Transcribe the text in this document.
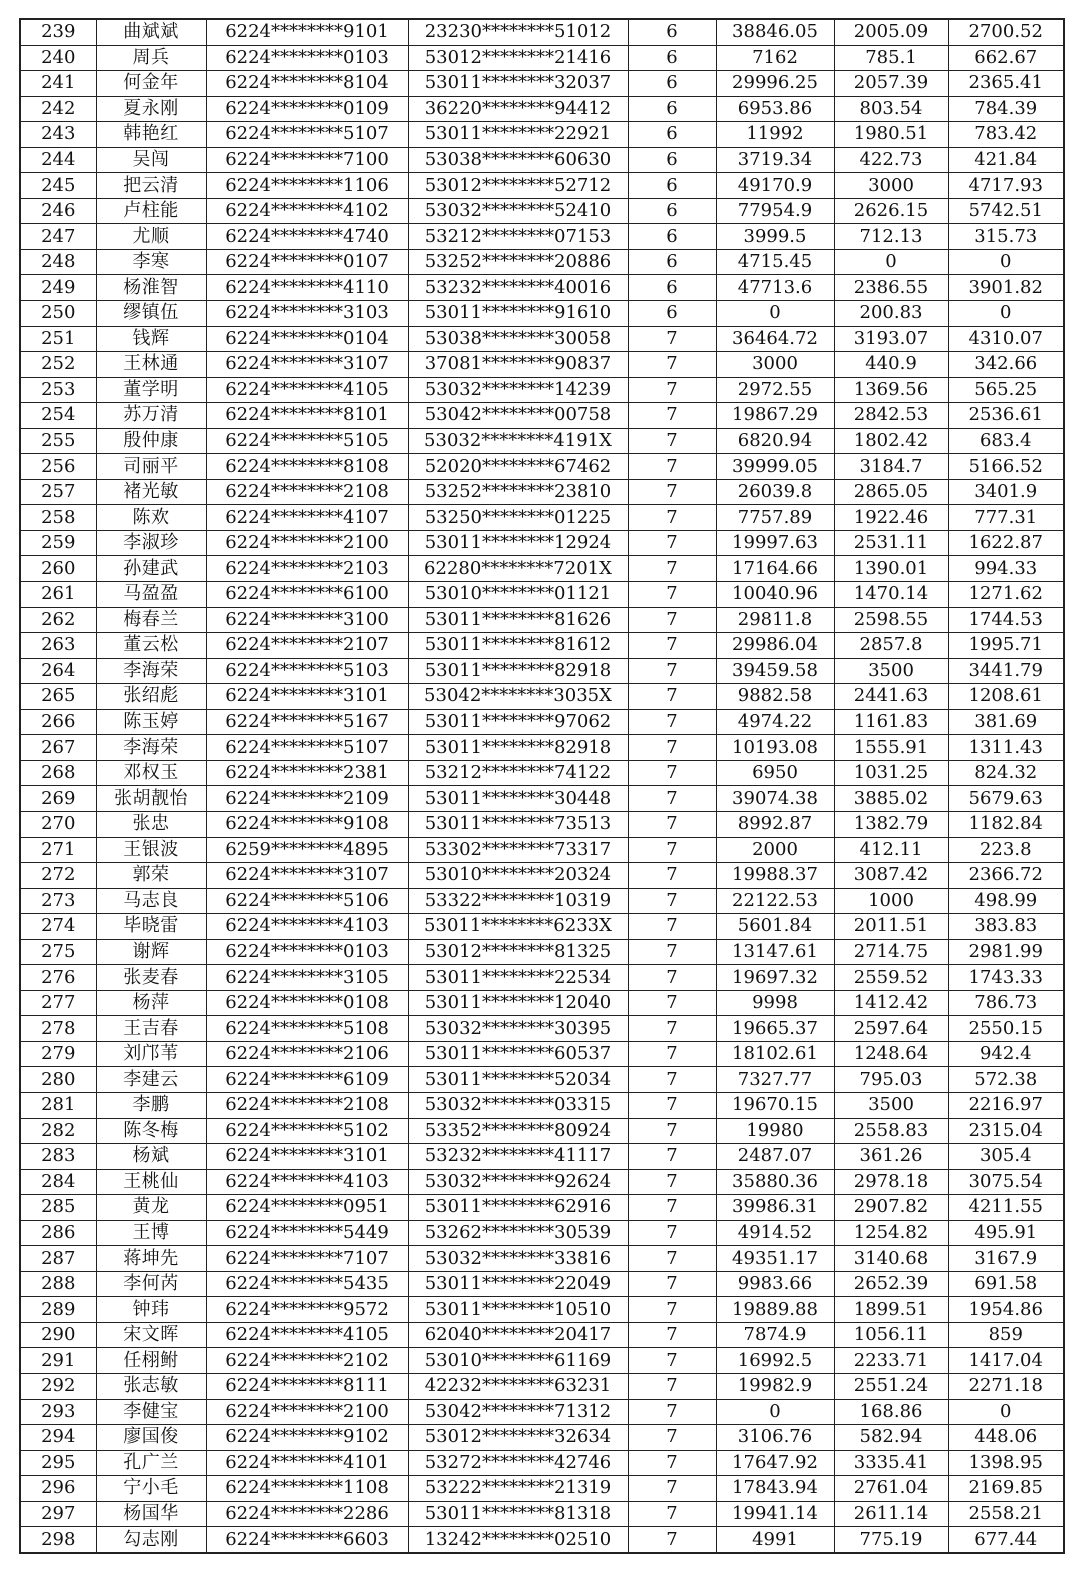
239	曲斌斌	6224********9101	23230********51012	6	38846.05	2005.09	2700.52
240	周兵	6224********0103	53012********21416	6	7162	785.1	662.67
241	何金年	6224********8104	53011********32037	6	29996.25	2057.39	2365.41
242	夏永刚	6224********0109	36220********94412	6	6953.86	803.54	784.39
243	韩艳红	6224********5107	53011********22921	6	11992	1980.51	783.42
244	吴闯	6224********7100	53038********60630	6	3719.34	422.73	421.84
245	把云清	6224********1106	53012********52712	6	49170.9	3000	4717.93
246	卢柱能	6224********4102	53032********52410	6	77954.9	2626.15	5742.51
247	尤顺	6224********4740	53212********07153	6	3999.5	712.13	315.73
248	李寒	6224********0107	53252********20886	6	4715.45	0	0
249	杨淮智	6224********4110	53232********40016	6	47713.6	2386.55	3901.82
250	缪镇伍	6224********3103	53011********91610	6	0	200.83	0
251	钱辉	6224********0104	53038********30058	7	36464.72	3193.07	4310.07
252	王林通	6224********3107	37081********90837	7	3000	440.9	342.66
253	董学明	6224********4105	53032********14239	7	2972.55	1369.56	565.25
254	苏万清	6224********8101	53042********00758	7	19867.29	2842.53	2536.61
255	殷仲康	6224********5105	53032********4191X	7	6820.94	1802.42	683.4
256	司丽平	6224********8108	52020********67462	7	39999.05	3184.7	5166.52
257	褚光敏	6224********2108	53252********23810	7	26039.8	2865.05	3401.9
258	陈欢	6224********4107	53250********01225	7	7757.89	1922.46	777.31
259	李淑珍	6224********2100	53011********12924	7	19997.63	2531.11	1622.87
260	孙建武	6224********2103	62280********7201X	7	17164.66	1390.01	994.33
261	马盈盈	6224********6100	53010********01121	7	10040.96	1470.14	1271.62
262	梅春兰	6224********3100	53011********81626	7	29811.8	2598.55	1744.53
263	董云松	6224********2107	53011********81612	7	29986.04	2857.8	1995.71
264	李海荣	6224********5103	53011********82918	7	39459.58	3500	3441.79
265	张绍彪	6224********3101	53042********3035X	7	9882.58	2441.63	1208.61
266	陈玉婷	6224********5167	53011********97062	7	4974.22	1161.83	381.69
267	李海荣	6224********5107	53011********82918	7	10193.08	1555.91	1311.43
268	邓权玉	6224********2381	53212********74122	7	6950	1031.25	824.32
269	张胡靓怡	6224********2109	53011********30448	7	39074.38	3885.02	5679.63
270	张忠	6224********9108	53011********73513	7	8992.87	1382.79	1182.84
271	王银波	6259********4895	53302********73317	7	2000	412.11	223.8
272	郭荣	6224********3107	53010********20324	7	19988.37	3087.42	2366.72
273	马志良	6224********5106	53322********10319	7	22122.53	1000	498.99
274	毕晓雷	6224********4103	53011********6233X	7	5601.84	2011.51	383.83
275	谢辉	6224********0103	53012********81325	7	13147.61	2714.75	2981.99
276	张麦春	6224********3105	53011********22534	7	19697.32	2559.52	1743.33
277	杨萍	6224********0108	53011********12040	7	9998	1412.42	786.73
278	王吉春	6224********5108	53032********30395	7	19665.37	2597.64	2550.15
279	刘邝苇	6224********2106	53011********60537	7	18102.61	1248.64	942.4
280	李建云	6224********6109	53011********52034	7	7327.77	795.03	572.38
281	李鹏	6224********2108	53032********03315	7	19670.15	3500	2216.97
282	陈冬梅	6224********5102	53352********80924	7	19980	2558.83	2315.04
283	杨斌	6224********3101	53232********41117	7	2487.07	361.26	305.4
284	王桃仙	6224********4103	53032********92624	7	35880.36	2978.18	3075.54
285	黄龙	6224********0951	53011********62916	7	39986.31	2907.82	4211.55
286	王博	6224********5449	53262********30539	7	4914.52	1254.82	495.91
287	蒋坤先	6224********7107	53032********33816	7	49351.17	3140.68	3167.9
288	李何芮	6224********5435	53011********22049	7	9983.66	2652.39	691.58
289	钟玮	6224********9572	53011********10510	7	19889.88	1899.51	1954.86
290	宋文晖	6224********4105	62040********20417	7	7874.9	1056.11	859
291	任栩鲋	6224********2102	53010********61169	7	16992.5	2233.71	1417.04
292	张志敏	6224********8111	42232********63231	7	19982.9	2551.24	2271.18
293	李健宝	6224********2100	53042********71312	7	0	168.86	0
294	廖国俊	6224********9102	53012********32634	7	3106.76	582.94	448.06
295	孔广兰	6224********4101	53272********42746	7	17647.92	3335.41	1398.95
296	宁小毛	6224********1108	53222********21319	7	17843.94	2761.04	2169.85
297	杨国华	6224********2286	53011********81318	7	19941.14	2611.14	2558.21
298	勾志刚	6224********6603	13242********02510	7	4991	775.19	677.44
